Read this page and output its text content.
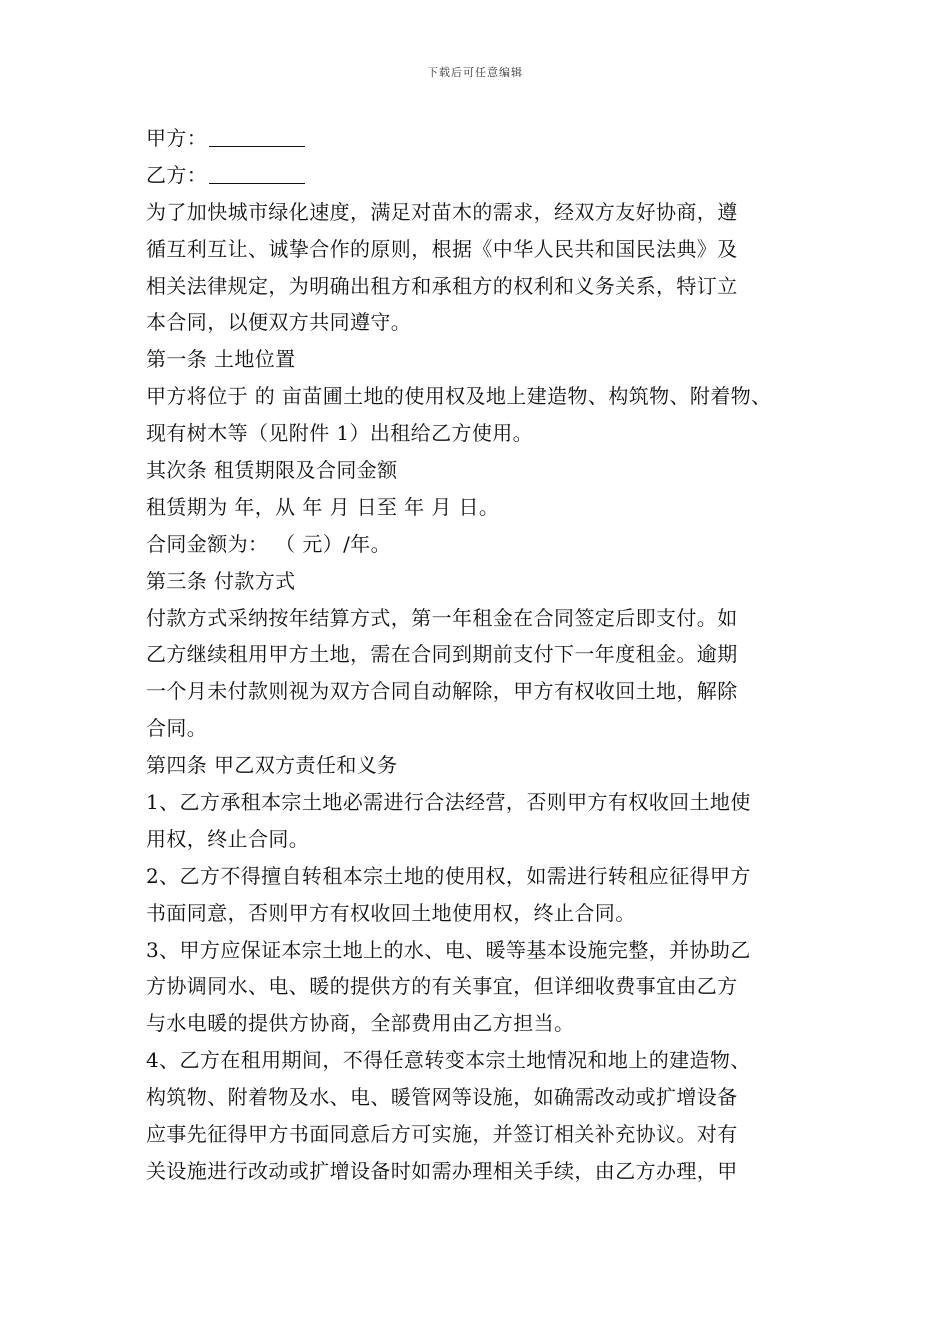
下载后可任意编辑
甲方：
乙方：
为了加快城市绿化速度，满足对苗木的需求，经双方友好协商，遵
循互利互让、诚挚合作的原则，根据《中华人民共和国民法典》及
相关法律规定，为明确出租方和承租方的权利和义务关系，特订立
本合同，以便双方共同遵守。
第一条 土地位置
甲方将位于 的 亩苗圃土地的使用权及地上建造物、构筑物、附着物、
现有树木等（见附件 1）出租给乙方使用。
其次条 租赁期限及合同金额
租赁期为 年，从 年 月 日至 年 月 日。
合同金额为： （ 元）/年。
第三条 付款方式
付款方式采纳按年结算方式，第一年租金在合同签定后即支付。如
乙方继续租用甲方土地，需在合同到期前支付下一年度租金。逾期
一个月未付款则视为双方合同自动解除，甲方有权收回土地，解除
合同。
第四条 甲乙双方责任和义务
1、乙方承租本宗土地必需进行合法经营，否则甲方有权收回土地使
用权，终止合同。
2、乙方不得擅自转租本宗土地的使用权，如需进行转租应征得甲方
书面同意，否则甲方有权收回土地使用权，终止合同。
3、甲方应保证本宗土地上的水、电、暖等基本设施完整，并协助乙
方协调同水、电、暖的提供方的有关事宜，但详细收费事宜由乙方
与水电暖的提供方协商，全部费用由乙方担当。
4、乙方在租用期间，不得任意转变本宗土地情况和地上的建造物、
构筑物、附着物及水、电、暖管网等设施，如确需改动或扩增设备
应事先征得甲方书面同意后方可实施，并签订相关补充协议。对有
关设施进行改动或扩增设备时如需办理相关手续，由乙方办理，甲
